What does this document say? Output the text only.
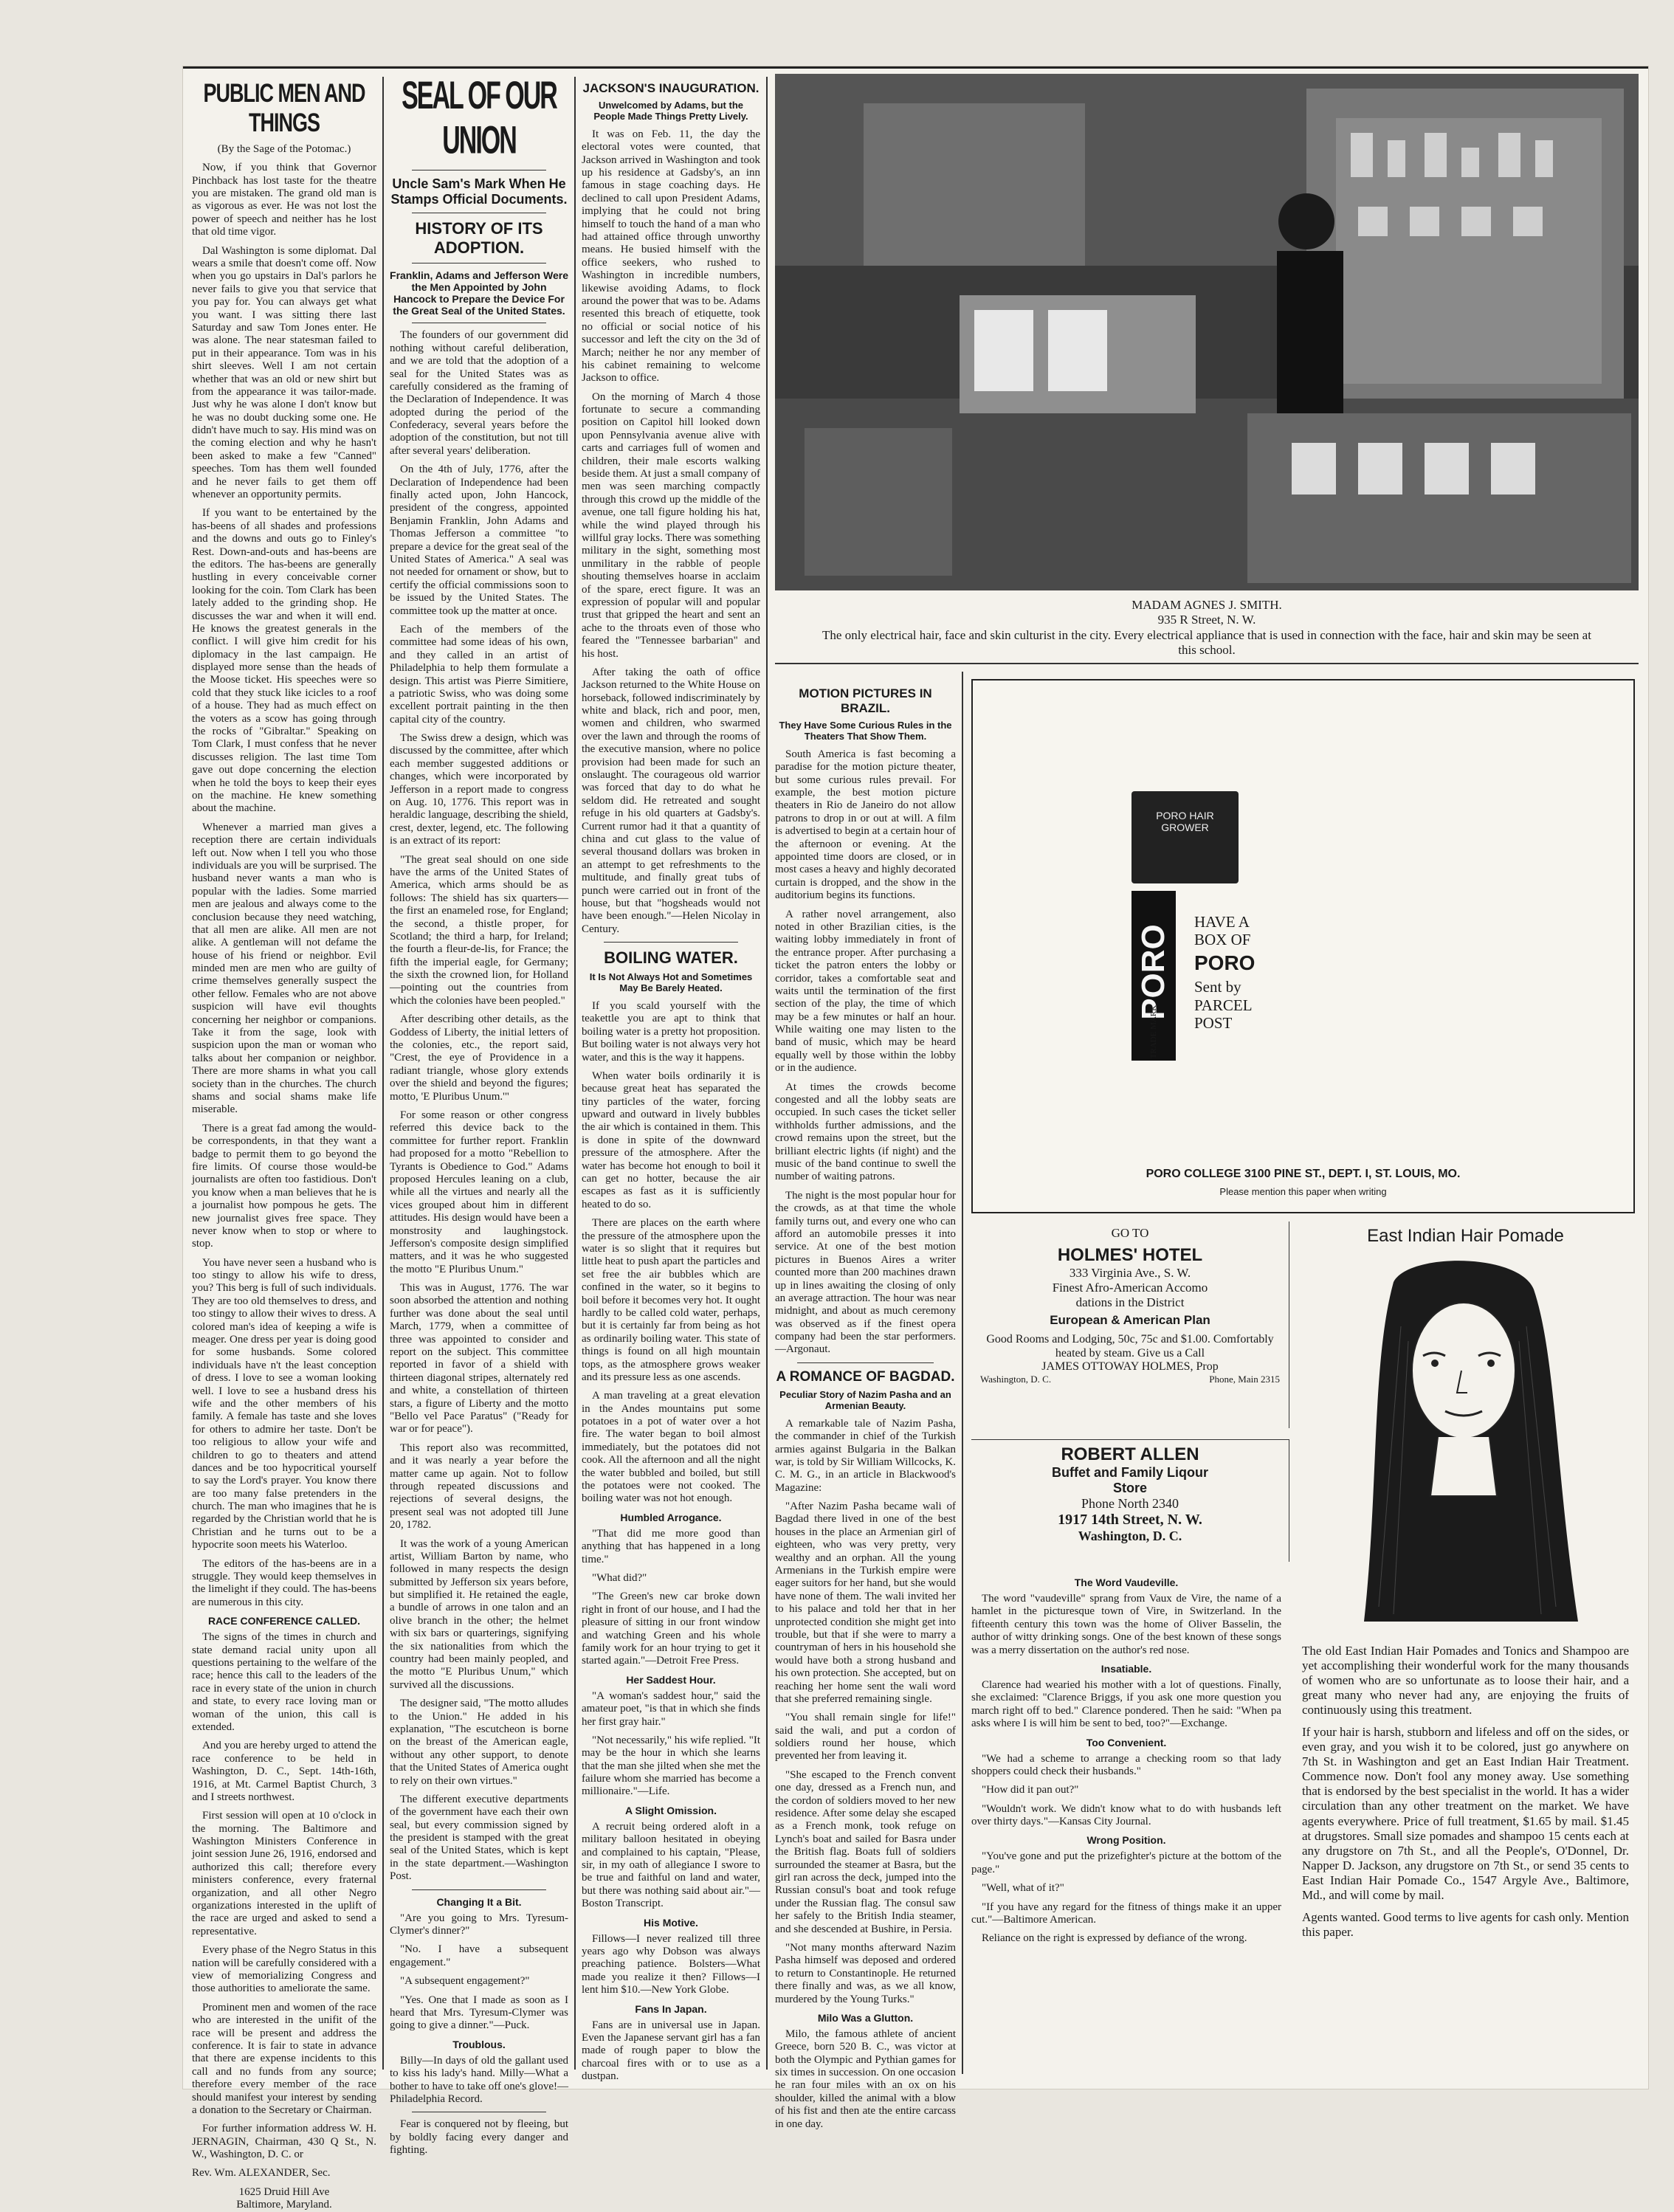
PUBLIC MEN AND THINGS
(By the Sage of the Potomac.)

Now, if you think that Governor Pinchback has lost taste for the theatre you are mistaken. The grand old man is as vigorous as ever. He was not lost the power of speech and neither has he lost that old time vigor.

Dal Washington is some diplomat. Dal wears a smile that doesn't come off. Now when you go upstairs in Dal's parlors he never fails to give you that service that you pay for. You can always get what you want. I was sitting there last Saturday and saw Tom Jones enter. He was alone. The near statesman failed to put in their appearance. Tom was in his shirt sleeves. Well I am not certain whether that was an old or new shirt but from the appearance it was tailor-made. Just why he was alone I don't know but he was no doubt ducking some one. He didn't have much to say. His mind was on the coming election and why he hasn't been asked to make a few "Canned" speeches. Tom has them well founded and he never fails to get them off whenever an opportunity permits.

If you want to be entertained by the has-beens of all shades and professions and the downs and outs go to Finley's Rest. Down-and-outs and has-beens are the editors. The has-beens are generally hustling in every conceivable corner looking for the coin. Tom Clark has been lately added to the grinding shop. He discusses the war and when it will end. He knows the greatest generals in the conflict. I will give him credit for his diplomacy in the last campaign. He displayed more sense than the heads of the Moose ticket. His speeches were so cold that they stuck like icicles to a roof of a house. They had as much effect on the voters as a scow has going through the rocks of "Gibraltar." Speaking on Tom Clark, I must confess that he never discusses religion. The last time Tom gave out dope concerning the election when he told the boys to keep their eyes on the machine. He knew something about the machine.

Whenever a married man gives a reception there are certain individuals left out. Now when I tell you who those individuals are you will be surprised. The husband never wants a man who is popular with the ladies. Some married men are jealous and always come to the conclusion because they need watching, that all men are alike. All men are not alike. A gentleman will not defame the house of his friend or neighbor. Evil minded men are men who are guilty of crime themselves generally suspect the other fellow. Females who are not above suspicion will have evil thoughts concerning her neighbor or companions. Take it from the sage, look with suspicion upon the man or woman who talks about her companion or neighbor. There are more shams in what you call society than in the churches. The church shams and social shams make life miserable.

There is a great fad among the would-be correspondents, in that they want a badge to permit them to go beyond the fire limits. Of course those would-be journalists are often too fastidious. Don't you know when a man believes that he is a journalist how pompous he gets. The new journalist gives free space. They never know when to stop or where to stop.

You have never seen a husband who is too stingy to allow his wife to dress, you? This berg is full of such individuals. They are too old themselves to dress, and too stingy to allow their wives to dress. A colored man's idea of keeping a wife is meager. One dress per year is doing good for some husbands. Some colored individuals have n't the least conception of dress. I love to see a woman looking well. I love to see a husband dress his wife and the other members of his family. A female has taste and she loves for others to admire her taste. Don't be too religious to allow your wife and children to go to theaters and attend dances and be too hypocritical yourself to say the Lord's prayer. You know there are too many false pretenders in the church. The man who imagines that he is regarded by the Christian world that he is Christian and he turns out to be a hypocrite soon meets his Waterloo.

The editors of the has-beens are in a struggle. They would keep themselves in the limelight if they could. The has-beens are numerous in this city.

RACE CONFERENCE CALLED.

The signs of the times in church and state demand racial unity upon all questions pertaining to the welfare of the race; hence this call to the leaders of the race in every state of the union in church and state, to every race loving man or woman of the union, this call is extended.

And you are hereby urged to attend the race conference to be held in Washington, D. C., Sept. 14th-16th, 1916, at Mt. Carmel Baptist Church, 3 and I streets northwest.

First session will open at 10 o'clock in the morning. The Baltimore and Washington Ministers Conference in joint session June 26, 1916, endorsed and authorized this call; therefore every ministers conference, every fraternal organization, and all other Negro organizations interested in the uplift of the race are urged and asked to send a representative.

Every phase of the Negro Status in this nation will be carefully considered with a view of memorializing Congress and those authorities to ameliorate the same.

Prominent men and women of the race who are interested in the unifit of the race will be present and address the conference. It is fair to state in advance that there are expense incidents to this call and no funds from any source; therefore every member of the race should manifest your interest by sending a donation to the Secretary or Chairman.

For further information address W. H. JERNAGIN, Chairman, 430 Q St., N. W., Washington, D. C. or

Rev. Wm. ALEXANDER, Sec.

1625 Druid Hill Ave

Baltimore, Maryland.

SEAL OF OUR UNION
Uncle Sam's Mark When He Stamps Official Documents.
HISTORY OF ITS ADOPTION.
Franklin, Adams and Jefferson Were the Men Appointed by John Hancock to Prepare the Device For the Great Seal of the United States.

The founders of our government did nothing without careful deliberation, and we are told that the adoption of a seal for the United States was as carefully considered as the framing of the Declaration of Independence. It was adopted during the period of the Confederacy, several years before the adoption of the constitution, but not till after several years' deliberation.

On the 4th of July, 1776, after the Declaration of Independence had been finally acted upon, John Hancock, president of the congress, appointed Benjamin Franklin, John Adams and Thomas Jefferson a committee "to prepare a device for the great seal of the United States of America." A seal was not needed for ornament or show, but to certify the official commissions soon to be issued by the United States. The committee took up the matter at once.

Each of the members of the committee had some ideas of his own, and they called in an artist of Philadelphia to help them formulate a design. This artist was Pierre Simitiere, a patriotic Swiss, who was doing some excellent portrait painting in the then capital city of the country.

The Swiss drew a design, which was discussed by the committee, after which each member suggested additions or changes, which were incorporated by Jefferson in a report made to congress on Aug. 10, 1776. This report was in heraldic language, describing the shield, crest, dexter, legend, etc. The following is an extract of its report:

"The great seal should on one side have the arms of the United States of America, which arms should be as follows: The shield has six quarters—the first an enameled rose, for England; the second, a thistle proper, for Scotland; the third a harp, for Ireland; the fourth a fleur-de-lis, for France; the fifth the imperial eagle, for Germany; the sixth the crowned lion, for Holland—pointing out the countries from which the colonies have been peopled."

After describing other details, as the Goddess of Liberty, the initial letters of the colonies, etc., the report said, "Crest, the eye of Providence in a radiant triangle, whose glory extends over the shield and beyond the figures; motto, 'E Pluribus Unum.'"

For some reason or other congress referred this device back to the committee for further report. Franklin had proposed for a motto "Rebellion to Tyrants is Obedience to God." Adams proposed Hercules leaning on a club, while all the virtues and nearly all the vices grouped about him in different attitudes. His design would have been a monstrosity and laughingstock. Jefferson's composite design simplified matters, and it was he who suggested the motto "E Pluribus Unum."

This was in August, 1776. The war soon absorbed the attention and nothing further was done about the seal until March, 1779, when a committee of three was appointed to consider and report on the subject. This committee reported in favor of a shield with thirteen diagonal stripes, alternately red and white, a constellation of thirteen stars, a figure of Liberty and the motto "Bello vel Pace Paratus" ("Ready for war or for peace").

This report also was recommitted, and it was nearly a year before the matter came up again. Not to follow through repeated discussions and rejections of several designs, the present seal was not adopted till June 20, 1782.

It was the work of a young American artist, William Barton by name, who followed in many respects the design submitted by Jefferson six years before, but simplified it. He retained the eagle, a bundle of arrows in one talon and an olive branch in the other; the helmet with six bars or quarterings, signifying the six nationalities from which the country had been mainly peopled, and the motto "E Pluribus Unum," which survived all the discussions.

The designer said, "The motto alludes to the Union." He added in his explanation, "The escutcheon is borne on the breast of the American eagle, without any other support, to denote that the United States of America ought to rely on their own virtues."

The different executive departments of the government have each their own seal, but every commission signed by the president is stamped with the great seal of the United States, which is kept in the state department.—Washington Post.

Changing It a Bit.

"Are you going to Mrs. Tyresum-Clymer's dinner?"

"No. I have a subsequent engagement."

"A subsequent engagement?"

"Yes. One that I made as soon as I heard that Mrs. Tyresum-Clymer was going to give a dinner."—Puck.

Troublous.

Billy—In days of old the gallant used to kiss his lady's hand. Milly—What a bother to have to take off one's glove!—Philadelphia Record.

Fear is conquered not by fleeing, but by boldly facing every danger and fighting.

JACKSON'S INAUGURATION.
Unwelcomed by Adams, but the People Made Things Pretty Lively.

It was on Feb. 11, the day the electoral votes were counted, that Jackson arrived in Washington and took up his residence at Gadsby's, an inn famous in stage coaching days. He declined to call upon President Adams, implying that he could not bring himself to touch the hand of a man who had attained office through unworthy means. He busied himself with the office seekers, who rushed to Washington in incredible numbers, likewise avoiding Adams, to flock around the power that was to be. Adams resented this breach of etiquette, took no official or social notice of his successor and left the city on the 3d of March; neither he nor any member of his cabinet remaining to welcome Jackson to office.

On the morning of March 4 those fortunate to secure a commanding position on Capitol hill looked down upon Pennsylvania avenue alive with carts and carriages full of women and children, their male escorts walking beside them. At just a small company of men was seen marching compactly through this crowd up the middle of the avenue, one tall figure holding his hat, while the wind played through his willful gray locks. There was something military in the sight, something most unmilitary in the rabble of people shouting themselves hoarse in acclaim of the spare, erect figure. It was an expression of popular will and popular trust that gripped the heart and sent an ache to the throats even of those who feared the "Tennessee barbarian" and his host.

After taking the oath of office Jackson returned to the White House on horseback, followed indiscriminately by white and black, rich and poor, men, women and children, who swarmed over the lawn and through the rooms of the executive mansion, where no police provision had been made for such an onslaught. The courageous old warrior was forced that day to do what he seldom did. He retreated and sought refuge in his old quarters at Gadsby's. Current rumor had it that a quantity of china and cut glass to the value of several thousand dollars was broken in an attempt to get refreshments to the multitude, and finally great tubs of punch were carried out in front of the house, but that "hogsheads would not have been enough."—Helen Nicolay in Century.

BOILING WATER.
It Is Not Always Hot and Sometimes May Be Barely Heated.

If you scald yourself with the teakettle you are apt to think that boiling water is a pretty hot proposition. But boiling water is not always very hot water, and this is the way it happens.

When water boils ordinarily it is because great heat has separated the tiny particles of the water, forcing upward and outward in lively bubbles the air which is contained in them. This is done in spite of the downward pressure of the atmosphere. After the water has become hot enough to boil it can get no hotter, because the air escapes as fast as it is sufficiently heated to do so.

There are places on the earth where the pressure of the atmosphere upon the water is so slight that it requires but little heat to push apart the particles and set free the air bubbles which are confined in the water, so it begins to boil before it becomes very hot. It ought hardly to be called cold water, perhaps, but it is certainly far from being as hot as ordinarily boiling water. This state of things is found on all high mountain tops, as the atmosphere grows weaker and its pressure less as one ascends.

A man traveling at a great elevation in the Andes mountains put some potatoes in a pot of water over a hot fire. The water began to boil almost immediately, but the potatoes did not cook. All the afternoon and all the night the water bubbled and boiled, but still the potatoes were not cooked. The boiling water was not hot enough.

Humbled Arrogance.

"That did me more good than anything that has happened in a long time."

"What did?"

"The Green's new car broke down right in front of our house, and I had the pleasure of sitting in our front window and watching Green and his whole family work for an hour trying to get it started again."—Detroit Free Press.

Her Saddest Hour.

"A woman's saddest hour," said the amateur poet, "is that in which she finds her first gray hair."

"Not necessarily," his wife replied. "It may be the hour in which she learns that the man she jilted when she met the failure whom she married has become a millionaire."—Life.

A Slight Omission.

A recruit being ordered aloft in a military balloon hesitated in obeying and complained to his captain, "Please, sir, in my oath of allegiance I swore to be true and faithful on land and water, but there was nothing said about air."—Boston Transcript.

His Motive.

Fillows—I never realized till three years ago why Dobson was always preaching patience. Bolsters—What made you realize it then? Fillows—I lent him $10.—New York Globe.

Fans In Japan.

Fans are in universal use in Japan. Even the Japanese servant girl has a fan made of rough paper to blow the charcoal fires with or to use as a dustpan.

MADAM AGNES J. SMITH.
935 R Street, N. W.
The only electrical hair, face and skin culturist in the city. Every electrical appliance that is used in connection with the face, hair and skin may be seen at this school.
MOTION PICTURES IN BRAZIL.
They Have Some Curious Rules in the Theaters That Show Them.

South America is fast becoming a paradise for the motion picture theater, but some curious rules prevail. For example, the best motion picture theaters in Rio de Janeiro do not allow patrons to drop in or out at will. A film is advertised to begin at a certain hour of the afternoon or evening. At the appointed time doors are closed, or in most cases a heavy and highly decorated curtain is dropped, and the show in the auditorium begins its functions.

A rather novel arrangement, also noted in other Brazilian cities, is the waiting lobby immediately in front of the entrance proper. After purchasing a ticket the patron enters the lobby or corridor, takes a comfortable seat and waits until the termination of the first section of the play, the time of which may be a few minutes or half an hour. While waiting one may listen to the band of music, which may be heard equally well by those within the lobby or in the audience.

At times the crowds become congested and all the lobby seats are occupied. In such cases the ticket seller withholds further admissions, and the crowd remains upon the street, but the brilliant electric lights (if night) and the music of the band continue to swell the number of waiting patrons.

The night is the most popular hour for the crowds, as at that time the whole family turns out, and every one who can afford an automobile presses it into service. At one of the best motion pictures in Buenos Aires a writer counted more than 200 machines drawn up in lines awaiting the closing of only an average attraction. The hour was near midnight, and about as much ceremony was observed as if the finest opera company had been the star performers.—Argonaut.

A ROMANCE OF BAGDAD.
Peculiar Story of Nazim Pasha and an Armenian Beauty.

A remarkable tale of Nazim Pasha, the commander in chief of the Turkish armies against Bulgaria in the Balkan war, is told by Sir William Willcocks, K. C. M. G., in an article in Blackwood's Magazine:

"After Nazim Pasha became wali of Bagdad there lived in one of the best houses in the place an Armenian girl of eighteen, who was very pretty, very wealthy and an orphan. All the young Armenians in the Turkish empire were eager suitors for her hand, but she would have none of them. The wali invited her to his palace and told her that in her unprotected condition she might get into trouble, but that if she were to marry a countryman of hers in his household she would have both a strong husband and his own protection. She accepted, but on reaching her home sent the wali word that she preferred remaining single.

"You shall remain single for life!" said the wali, and put a cordon of soldiers round her house, which prevented her from leaving it.

"She escaped to the French convent one day, dressed as a French nun, and the cordon of soldiers moved to her new residence. After some delay she escaped as a French monk, took refuge on Lynch's boat and sailed for Basra under the British flag. Boats full of soldiers surrounded the steamer at Basra, but the girl ran across the deck, jumped into the Russian consul's boat and took refuge under the Russian flag. The consul saw her safely to the British India steamer, and she descended at Bushire, in Persia.

"Not many months afterward Nazim Pasha himself was deposed and ordered to return to Constantinople. He returned there finally and was, as we all know, murdered by the Young Turks."

Milo Was a Glutton.

Milo, the famous athlete of ancient Greece, born 520 B. C., was victor at both the Olympic and Pythian games for six times in succession. On one occasion he ran four miles with an ox on his shoulder, killed the animal with a blow of his fist and then ate the entire carcass in one day.

PORO HAIR GROWER
PORO
TRADE MARK
HAVE A
BOX OF
PORO
Sent by
PARCEL
POST
PORO COLLEGE 3100 PINE ST., DEPT. I, ST. LOUIS, MO.
Please mention this paper when writing
GO TO
HOLMES' HOTEL
333 Virginia Ave., S. W.
Finest Afro-American Accomo
dations in the District
European & American Plan
Good Rooms and Lodging, 50c, 75c and $1.00. Comfortably heated by steam. Give us a Call
JAMES OTTOWAY HOLMES, Prop
Washington, D. C.	Phone, Main 2315
ROBERT ALLEN
Buffet and Family Liqour
Store
Phone North 2340
1917 14th Street, N. W.
Washington, D. C.
The Word Vaudeville.

The word "vaudeville" sprang from Vaux de Vire, the name of a hamlet in the picturesque town of Vire, in Switzerland. In the fifteenth century this town was the home of Oliver Basselin, the author of witty drinking songs. One of the best known of these songs was a merry dissertation on the author's red nose.

Insatiable.

Clarence had wearied his mother with a lot of questions. Finally, she exclaimed: "Clarence Briggs, if you ask one more question you march right off to bed." Clarence pondered. Then he said: "When pa asks where I is will him be sent to bed, too?"—Exchange.

Too Convenient.

"We had a scheme to arrange a checking room so that lady shoppers could check their husbands."

"How did it pan out?"

"Wouldn't work. We didn't know what to do with husbands left over thirty days."—Kansas City Journal.

Wrong Position.

"You've gone and put the prizefighter's picture at the bottom of the page."

"Well, what of it?"

"If you have any regard for the fitness of things make it an upper cut."—Baltimore American.

Reliance on the right is expressed by defiance of the wrong.

East Indian Hair Pomade

The old East Indian Hair Pomades and Tonics and Shampoo are yet accomplishing their wonderful work for the many thousands of women who are so unfortunate as to loose their hair, and a great many who never had any, are enjoying the fruits of continuously using this treatment.

If your hair is harsh, stubborn and lifeless and off on the sides, or even gray, and you wish it to be colored, just go anywhere on 7th St. in Washington and get an East Indian Hair Treatment. Commence now. Don't fool any money away. Use something that is endorsed by the best specialist in the world. It has a wider circulation than any other treatment on the market. We have agents everywhere. Price of full treatment, $1.65 by mail. $1.45 at drugstores. Small size pomades and shampoo 15 cents each at any drugstore on 7th St., and all the People's, O'Donnel, Dr. Napper D. Jackson, any drugstore on 7th St., or send 35 cents to East Indian Hair Pomade Co., 1547 Argyle Ave., Baltimore, Md., and will come by mail.

Agents wanted. Good terms to live agents for cash only. Mention this paper.
